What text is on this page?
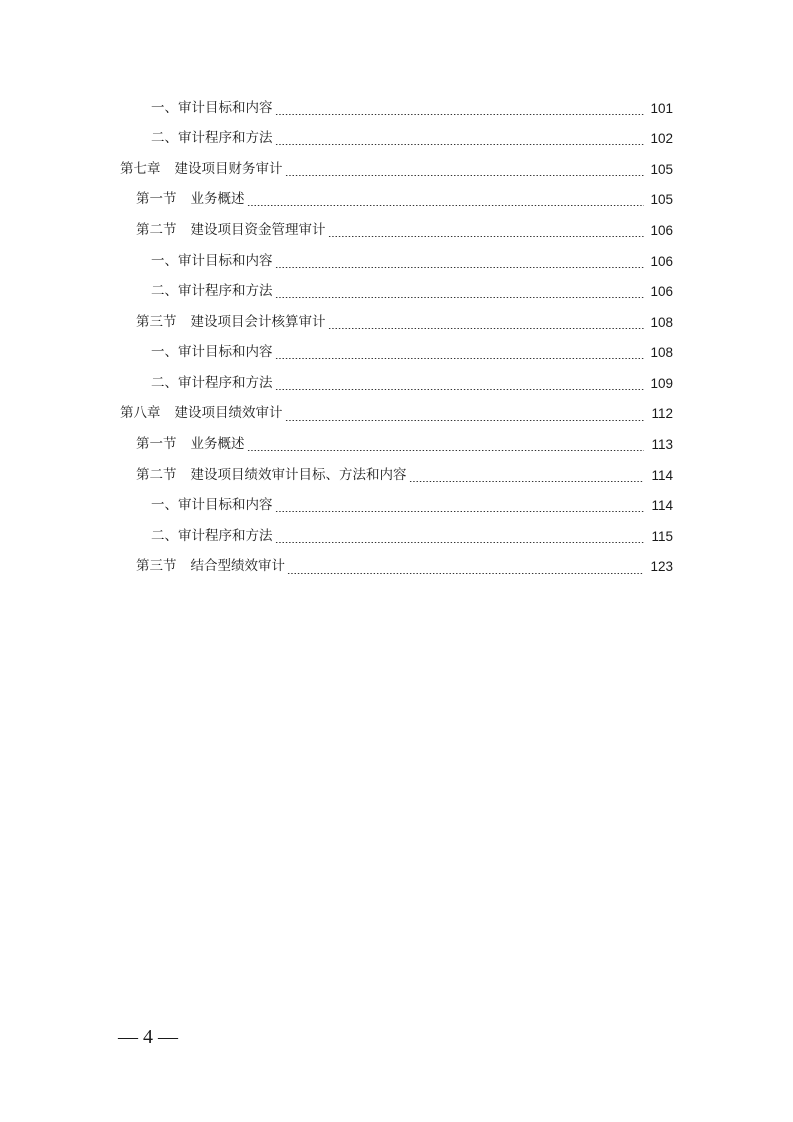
一、审计目标和内容	101
二、审计程序和方法	102
第七章 建设项目财务审计	105
第一节 业务概述	105
第二节 建设项目资金管理审计	106
一、审计目标和内容	106
二、审计程序和方法	106
第三节 建设项目会计核算审计	108
一、审计目标和内容	108
二、审计程序和方法	109
第八章 建设项目绩效审计	112
第一节 业务概述	113
第二节 建设项目绩效审计目标、方法和内容	114
一、审计目标和内容	114
二、审计程序和方法	115
第三节 结合型绩效审计	123
— 4 —
